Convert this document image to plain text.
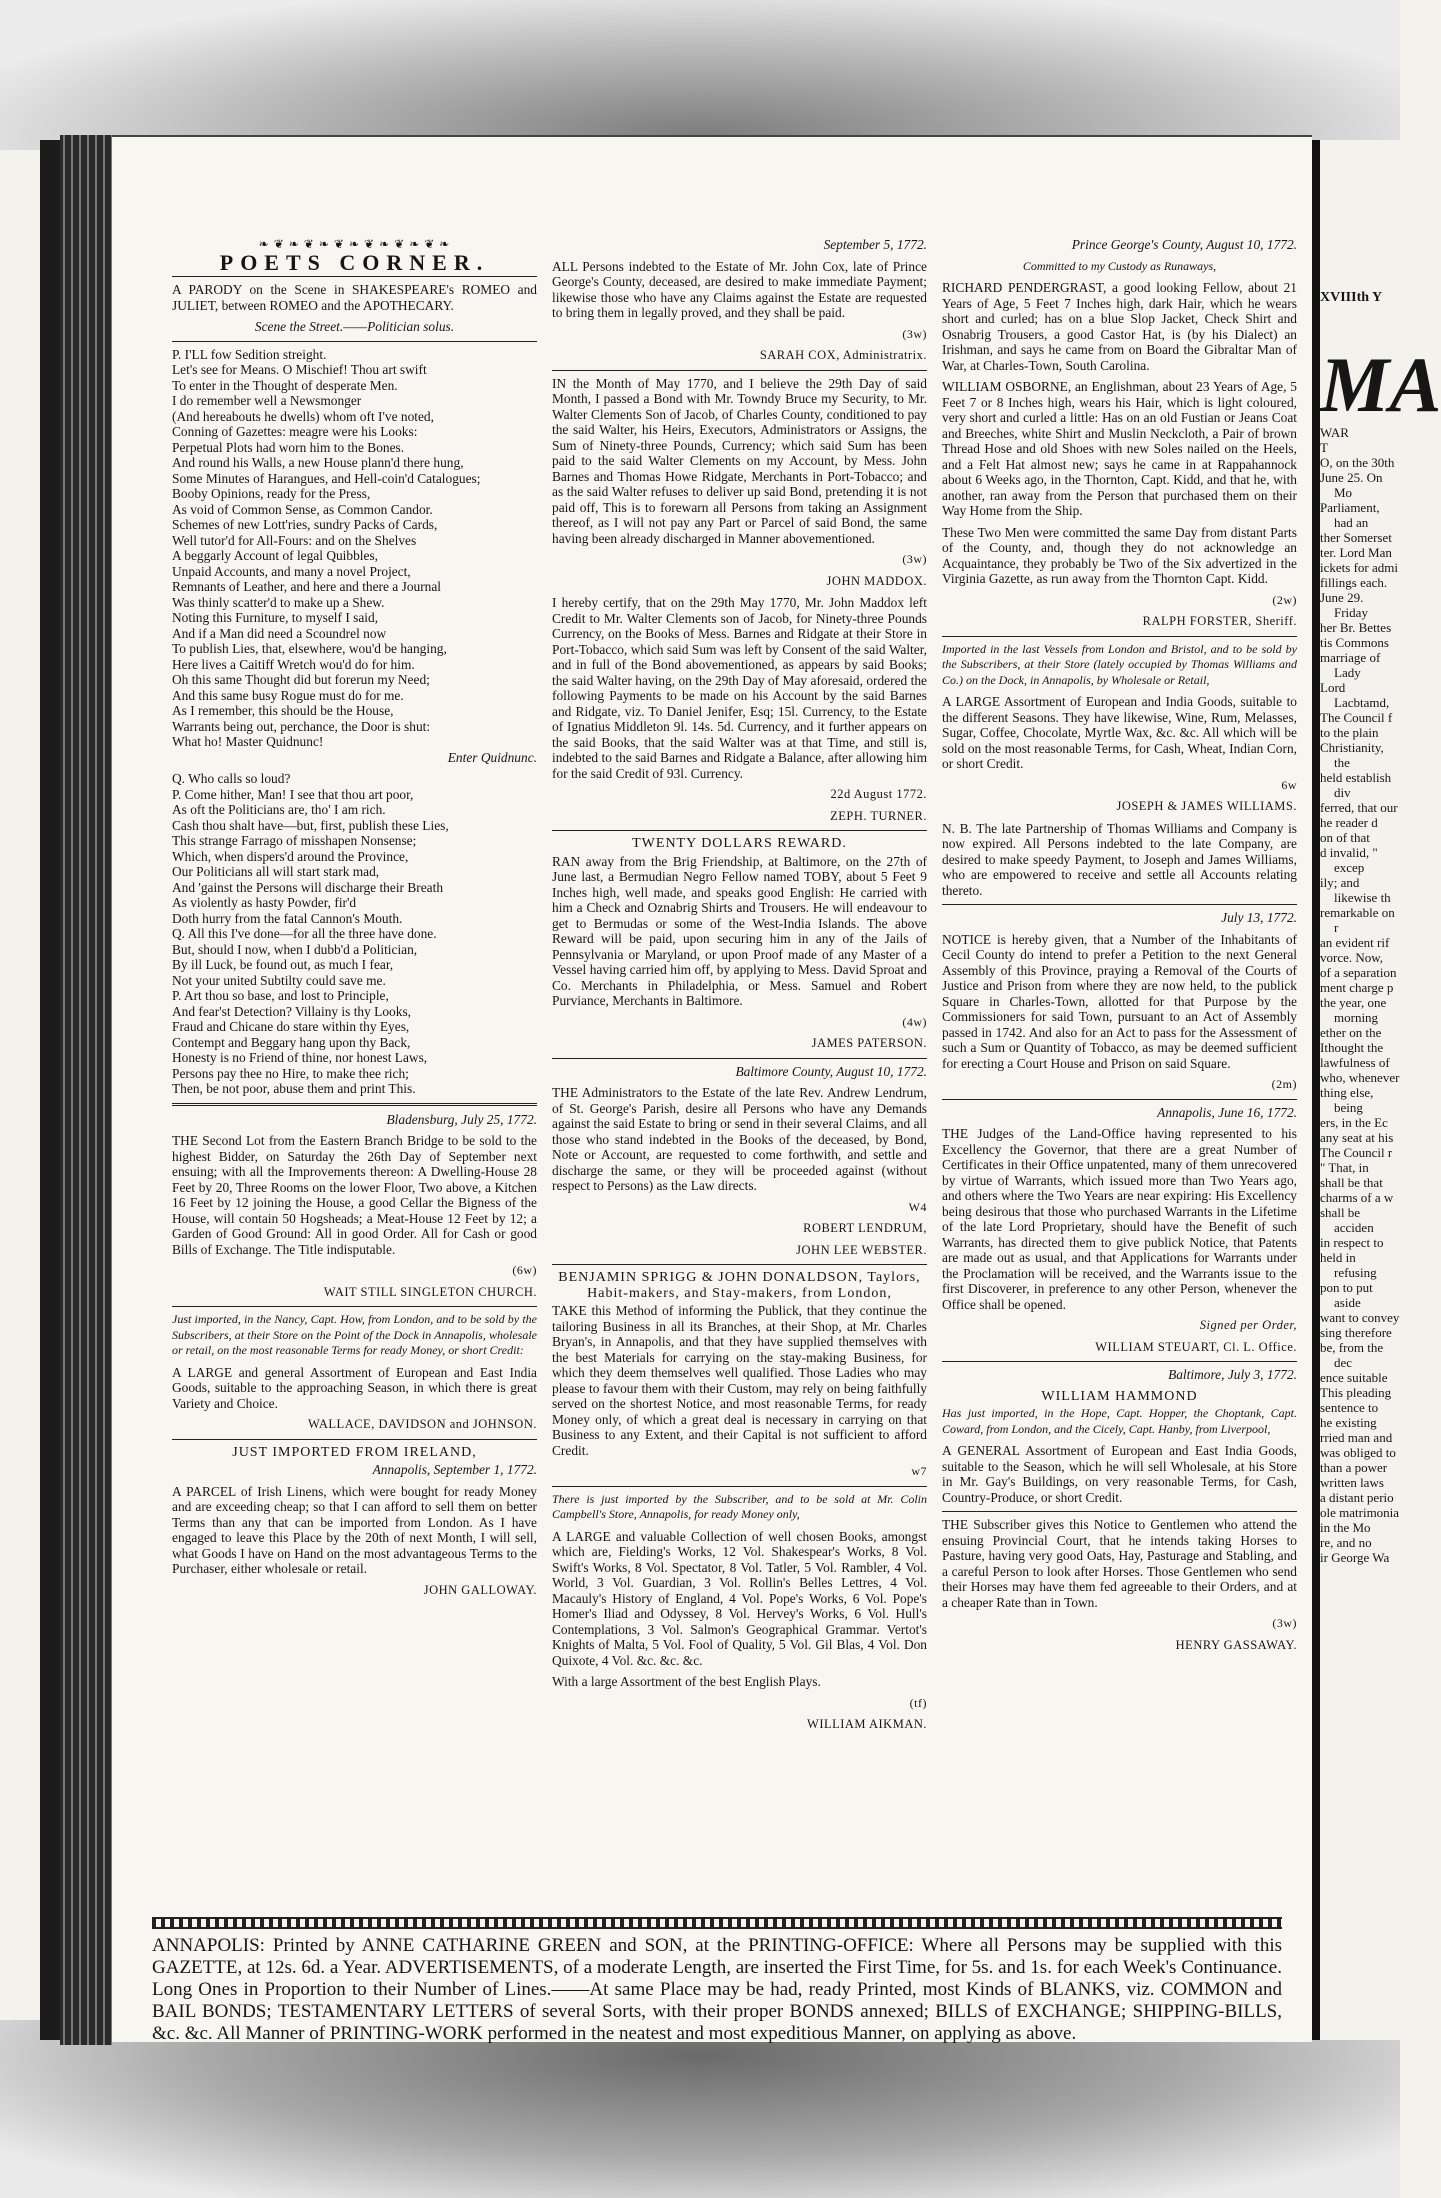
❧ ❦ ❧ ❦ ❧ ❦ ❧ ❦ ❧ ❦ ❧ ❦ ❧
POETS CORNER.

A PARODY on the Scene in SHAKESPEARE's ROMEO and JULIET, between ROMEO and the APOTHECARY.

Scene the Street.——Politician solus.

P. I'LL fow Sedition streight.

Let's see for Means. O Mischief! Thou art swift

To enter in the Thought of desperate Men.

I do remember well a Newsmonger

(And hereabouts he dwells) whom oft I've noted,

Conning of Gazettes: meagre were his Looks:

Perpetual Plots had worn him to the Bones.

And round his Walls, a new House plann'd there hung,

Some Minutes of Harangues, and Hell-coin'd Catalogues;

Booby Opinions, ready for the Press,

As void of Common Sense, as Common Candor.

Schemes of new Lott'ries, sundry Packs of Cards,

Well tutor'd for All-Fours: and on the Shelves

A beggarly Account of legal Quibbles,

Unpaid Accounts, and many a novel Project,

Remnants of Leather, and here and there a Journal

Was thinly scatter'd to make up a Shew.

Noting this Furniture, to myself I said,

And if a Man did need a Scoundrel now

To publish Lies, that, elsewhere, wou'd be hanging,

Here lives a Caitiff Wretch wou'd do for him.

Oh this same Thought did but forerun my Need;

And this same busy Rogue must do for me.

As I remember, this should be the House,

Warrants being out, perchance, the Door is shut:

What ho! Master Quidnunc!

Enter Quidnunc.

Q. Who calls so loud?

P. Come hither, Man! I see that thou art poor,

As oft the Politicians are, tho' I am rich.

Cash thou shalt have—but, first, publish these Lies,

This strange Farrago of misshapen Nonsense;

Which, when dispers'd around the Province,

Our Politicians all will start stark mad,

And 'gainst the Persons will discharge their Breath

As violently as hasty Powder, fir'd

Doth hurry from the fatal Cannon's Mouth.

Q. All this I've done—for all the three have done.

But, should I now, when I dubb'd a Politician,

By ill Luck, be found out, as much I fear,

Not your united Subtilty could save me.

P. Art thou so base, and lost to Principle,

And fear'st Detection? Villainy is thy Looks,

Fraud and Chicane do stare within thy Eyes,

Contempt and Beggary hang upon thy Back,

Honesty is no Friend of thine, nor honest Laws,

Persons pay thee no Hire, to make thee rich;

Then, be not poor, abuse them and print This.

Bladensburg, July 25, 1772.

THE Second Lot from the Eastern Branch Bridge to be sold to the highest Bidder, on Saturday the 26th Day of September next ensuing; with all the Improvements thereon: A Dwelling-House 28 Feet by 20, Three Rooms on the lower Floor, Two above, a Kitchen 16 Feet by 12 joining the House, a good Cellar the Bigness of the House, will contain 50 Hogsheads; a Meat-House 12 Feet by 12; a Garden of Good Ground: All in good Order. All for Cash or good Bills of Exchange. The Title indisputable.

(6w)
WAIT STILL SINGLETON CHURCH.

Just imported, in the Nancy, Capt. How, from London, and to be sold by the Subscribers, at their Store on the Point of the Dock in Annapolis, wholesale or retail, on the most reasonable Terms for ready Money, or short Credit:

A LARGE and general Assortment of European and East India Goods, suitable to the approaching Season, in which there is great Variety and Choice.

WALLACE, DAVIDSON and JOHNSON.
JUST IMPORTED FROM IRELAND,

Annapolis, September 1, 1772.

A PARCEL of Irish Linens, which were bought for ready Money and are exceeding cheap; so that I can afford to sell them on better Terms than any that can be imported from London. As I have engaged to leave this Place by the 20th of next Month, I will sell, what Goods I have on Hand on the most advantageous Terms to the Purchaser, either wholesale or retail.

JOHN GALLOWAY.

September 5, 1772.

ALL Persons indebted to the Estate of Mr. John Cox, late of Prince George's County, deceased, are desired to make immediate Payment; likewise those who have any Claims against the Estate are requested to bring them in legally proved, and they shall be paid.

(3w)
SARAH COX, Administratrix.

IN the Month of May 1770, and I believe the 29th Day of said Month, I passed a Bond with Mr. Towndy Bruce my Security, to Mr. Walter Clements Son of Jacob, of Charles County, conditioned to pay the said Walter, his Heirs, Executors, Administrators or Assigns, the Sum of Ninety-three Pounds, Currency; which said Sum has been paid to the said Walter Clements on my Account, by Mess. John Barnes and Thomas Howe Ridgate, Merchants in Port-Tobacco; and as the said Walter refuses to deliver up said Bond, pretending it is not paid off, This is to forewarn all Persons from taking an Assignment thereof, as I will not pay any Part or Parcel of said Bond, the same having been already discharged in Manner abovementioned.

(3w)
JOHN MADDOX.

I hereby certify, that on the 29th May 1770, Mr. John Maddox left Credit to Mr. Walter Clements son of Jacob, for Ninety-three Pounds Currency, on the Books of Mess. Barnes and Ridgate at their Store in Port-Tobacco, which said Sum was left by Consent of the said Walter, and in full of the Bond abovementioned, as appears by said Books; the said Walter having, on the 29th Day of May aforesaid, ordered the following Payments to be made on his Account by the said Barnes and Ridgate, viz. To Daniel Jenifer, Esq; 15l. Currency, to the Estate of Ignatius Middleton 9l. 14s. 5d. Currency, and it further appears on the said Books, that the said Walter was at that Time, and still is, indebted to the said Barnes and Ridgate a Balance, after allowing him for the said Credit of 93l. Currency.

22d August 1772.
ZEPH. TURNER.
TWENTY DOLLARS REWARD.

RAN away from the Brig Friendship, at Baltimore, on the 27th of June last, a Bermudian Negro Fellow named TOBY, about 5 Feet 9 Inches high, well made, and speaks good English: He carried with him a Check and Oznabrig Shirts and Trousers. He will endeavour to get to Bermudas or some of the West-India Islands. The above Reward will be paid, upon securing him in any of the Jails of Pennsylvania or Maryland, or upon Proof made of any Master of a Vessel having carried him off, by applying to Mess. David Sproat and Co. Merchants in Philadelphia, or Mess. Samuel and Robert Purviance, Merchants in Baltimore.

(4w)
JAMES PATERSON.

Baltimore County, August 10, 1772.

THE Administrators to the Estate of the late Rev. Andrew Lendrum, of St. George's Parish, desire all Persons who have any Demands against the said Estate to bring or send in their several Claims, and all those who stand indebted in the Books of the deceased, by Bond, Note or Account, are requested to come forthwith, and settle and discharge the same, or they will be proceeded against (without respect to Persons) as the Law directs.

W4
ROBERT LENDRUM,
JOHN LEE WEBSTER.
BENJAMIN SPRIGG & JOHN DONALDSON, Taylors, Habit-makers, and Stay-makers, from London,

TAKE this Method of informing the Publick, that they continue the tailoring Business in all its Branches, at their Shop, at Mr. Charles Bryan's, in Annapolis, and that they have supplied themselves with the best Materials for carrying on the stay-making Business, for which they deem themselves well qualified. Those Ladies who may please to favour them with their Custom, may rely on being faithfully served on the shortest Notice, and most reasonable Terms, for ready Money only, of which a great deal is necessary in carrying on that Business to any Extent, and their Capital is not sufficient to afford Credit.

w7

There is just imported by the Subscriber, and to be sold at Mr. Colin Campbell's Store, Annapolis, for ready Money only,

A LARGE and valuable Collection of well chosen Books, amongst which are, Fielding's Works, 12 Vol. Shakespear's Works, 8 Vol. Swift's Works, 8 Vol. Spectator, 8 Vol. Tatler, 5 Vol. Rambler, 4 Vol. World, 3 Vol. Guardian, 3 Vol. Rollin's Belles Lettres, 4 Vol. Macauly's History of England, 4 Vol. Pope's Works, 6 Vol. Pope's Homer's Iliad and Odyssey, 8 Vol. Hervey's Works, 6 Vol. Hull's Contemplations, 3 Vol. Salmon's Geographical Grammar. Vertot's Knights of Malta, 5 Vol. Fool of Quality, 5 Vol. Gil Blas, 4 Vol. Don Quixote, 4 Vol. &c. &c. &c.

With a large Assortment of the best English Plays.

(tf)
WILLIAM AIKMAN.

Prince George's County, August 10, 1772.

Committed to my Custody as Runaways,

RICHARD PENDERGRAST, a good looking Fellow, about 21 Years of Age, 5 Feet 7 Inches high, dark Hair, which he wears short and curled; has on a blue Slop Jacket, Check Shirt and Osnabrig Trousers, a good Castor Hat, is (by his Dialect) an Irishman, and says he came from on Board the Gibraltar Man of War, at Charles-Town, South Carolina.

WILLIAM OSBORNE, an Englishman, about 23 Years of Age, 5 Feet 7 or 8 Inches high, wears his Hair, which is light coloured, very short and curled a little: Has on an old Fustian or Jeans Coat and Breeches, white Shirt and Muslin Neckcloth, a Pair of brown Thread Hose and old Shoes with new Soles nailed on the Heels, and a Felt Hat almost new; says he came in at Rappahannock about 6 Weeks ago, in the Thornton, Capt. Kidd, and that he, with another, ran away from the Person that purchased them on their Way Home from the Ship.

These Two Men were committed the same Day from distant Parts of the County, and, though they do not acknowledge an Acquaintance, they probably be Two of the Six advertized in the Virginia Gazette, as run away from the Thornton Capt. Kidd.

(2w)
RALPH FORSTER, Sheriff.

Imported in the last Vessels from London and Bristol, and to be sold by the Subscribers, at their Store (lately occupied by Thomas Williams and Co.) on the Dock, in Annapolis, by Wholesale or Retail,

A LARGE Assortment of European and India Goods, suitable to the different Seasons. They have likewise, Wine, Rum, Melasses, Sugar, Coffee, Chocolate, Myrtle Wax, &c. &c. All which will be sold on the most reasonable Terms, for Cash, Wheat, Indian Corn, or short Credit.

6w
JOSEPH & JAMES WILLIAMS.

N. B. The late Partnership of Thomas Williams and Company is now expired. All Persons indebted to the late Company, are desired to make speedy Payment, to Joseph and James Williams, who are empowered to receive and settle all Accounts relating thereto.

July 13, 1772.

NOTICE is hereby given, that a Number of the Inhabitants of Cecil County do intend to prefer a Petition to the next General Assembly of this Province, praying a Removal of the Courts of Justice and Prison from where they are now held, to the publick Square in Charles-Town, allotted for that Purpose by the Commissioners for said Town, pursuant to an Act of Assembly passed in 1742. And also for an Act to pass for the Assessment of such a Sum or Quantity of Tobacco, as may be deemed sufficient for erecting a Court House and Prison on said Square.

(2m)

Annapolis, June 16, 1772.

THE Judges of the Land-Office having represented to his Excellency the Governor, that there are a great Number of Certificates in their Office unpatented, many of them unrecovered by virtue of Warrants, which issued more than Two Years ago, and others where the Two Years are near expiring: His Excellency being desirous that those who purchased Warrants in the Lifetime of the late Lord Proprietary, should have the Benefit of such Warrants, has directed them to give publick Notice, that Patents are made out as usual, and that Applications for Warrants under the Proclamation will be received, and the Warrants issue to the first Discoverer, in preference to any other Person, whenever the Office shall be opened.

Signed per Order,
WILLIAM STEUART, Cl. L. Office.

Baltimore, July 3, 1772.

WILLIAM HAMMOND

Has just imported, in the Hope, Capt. Hopper, the Choptank, Capt. Coward, from London, and the Cicely, Capt. Hanby, from Liverpool,

A GENERAL Assortment of European and East India Goods, suitable to the Season, which he will sell Wholesale, at his Store in Mr. Gay's Buildings, on very reasonable Terms, for Cash, Country-Produce, or short Credit.

THE Subscriber gives this Notice to Gentlemen who attend the ensuing Provincial Court, that he intends taking Horses to Pasture, having very good Oats, Hay, Pasturage and Stabling, and a careful Person to look after Horses. Those Gentlemen who send their Horses may have them fed agreeable to their Orders, and at a cheaper Rate than in Town.

(3w)
HENRY GASSAWAY.
ANNAPOLIS: Printed by ANNE CATHARINE GREEN and SON, at the PRINTING-OFFICE: Where all Persons may be supplied with this GAZETTE, at 12s. 6d. a Year. ADVERTISEMENTS, of a moderate Length, are inserted the First Time, for 5s. and 1s. for each Week's Continuance. Long Ones in Proportion to their Number of Lines.——At same Place may be had, ready Printed, most Kinds of BLANKS, viz. COMMON and BAIL BONDS; TESTAMENTARY LETTERS of several Sorts, with their proper BONDS annexed; BILLS of EXCHANGE; SHIPPING-BILLS, &c. &c. All Manner of PRINTING-WORK performed in the neatest and most expeditious Manner, on applying as above.
XVIIIth Y
MA

WAR

T

O, on the 30th

June 25. On Mo

Parliament, had an

ther Somerset

ter. Lord Man

ickets for admi

fillings each.

June 29. Friday

her Br. Bettes

tis Commons

marriage of Lady

Lord Lacbtamd,

The Council f

to the plain

Christianity, the

held establish div

ferred, that our

he reader d

on of that

d invalid, " excep

ily; and likewise th

remarkable on r

an evident rif

vorce. Now,

of a separation

ment charge p

the year, one morning

ether on the

Ithought the

lawfulness of

who, whenever

thing else, being

ers, in the Ec

any seat at his

The Council r

" That, in

shall be that

charms of a w

shall be acciden

in respect to

held in refusing

pon to put aside

want to convey

sing therefore

be, from the dec

ence suitable

This pleading

sentence to

he existing

rried man and

was obliged to

than a power

written laws

a distant perio

ole matrimonia

in the Mo

re, and no

ir George Wa
